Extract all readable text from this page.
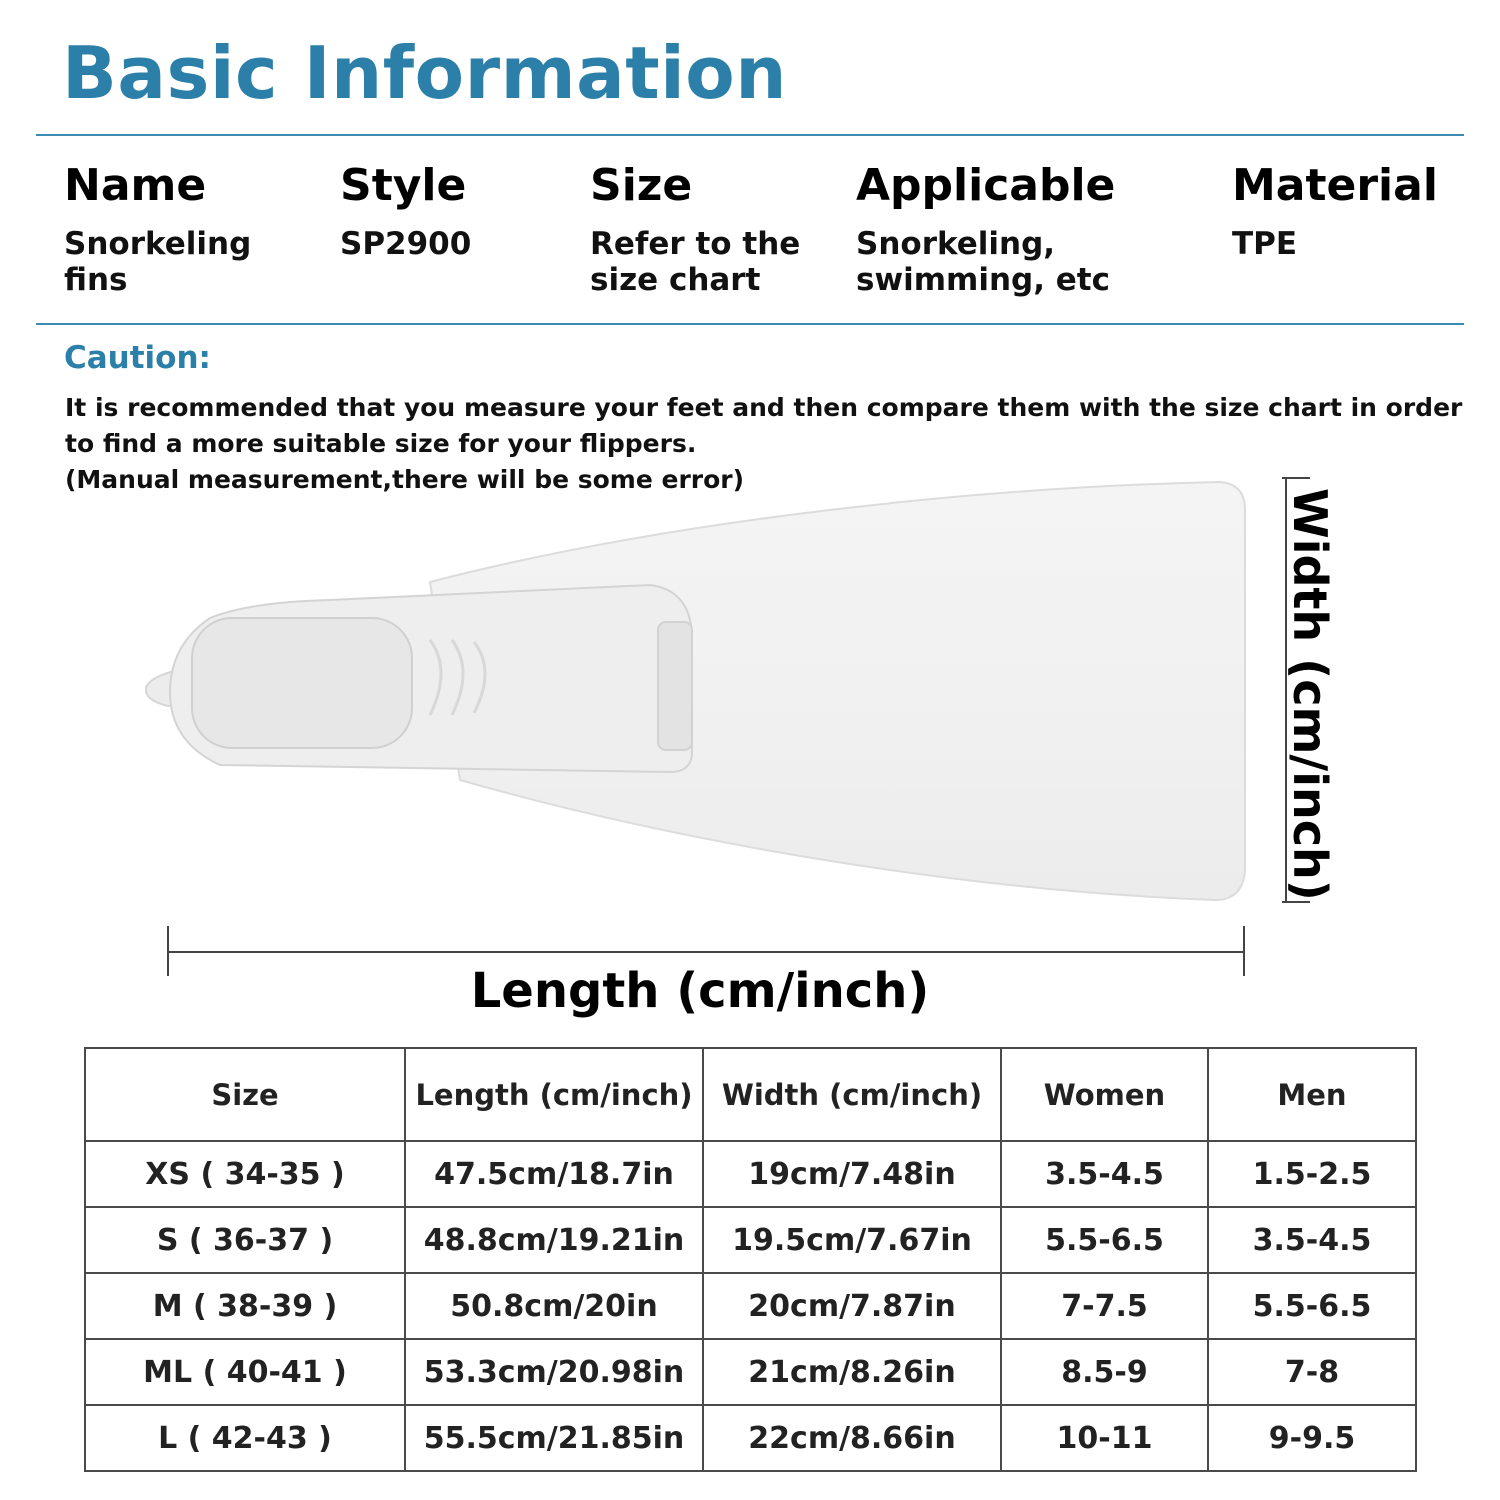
Basic Information
Name
Snorkeling fins
Style
SP2900
Size
Refer to the size chart
Applicable
Snorkeling, swimming, etc
Material
TPE
Caution:
It is recommended that you measure your feet and then compare them with the size chart in order
to find a more suitable size for your flippers.
(Manual measurement,there will be some error)
Width (cm/inch)
Length (cm/inch)
Size	Length (cm/inch)	Width (cm/inch)	Women	Men
XS ( 34-35 )	47.5cm/18.7in	19cm/7.48in	3.5-4.5	1.5-2.5
S ( 36-37 )	48.8cm/19.21in	19.5cm/7.67in	5.5-6.5	3.5-4.5
M ( 38-39 )	50.8cm/20in	20cm/7.87in	7-7.5	5.5-6.5
ML ( 40-41 )	53.3cm/20.98in	21cm/8.26in	8.5-9	7-8
L ( 42-43 )	55.5cm/21.85in	22cm/8.66in	10-11	9-9.5
